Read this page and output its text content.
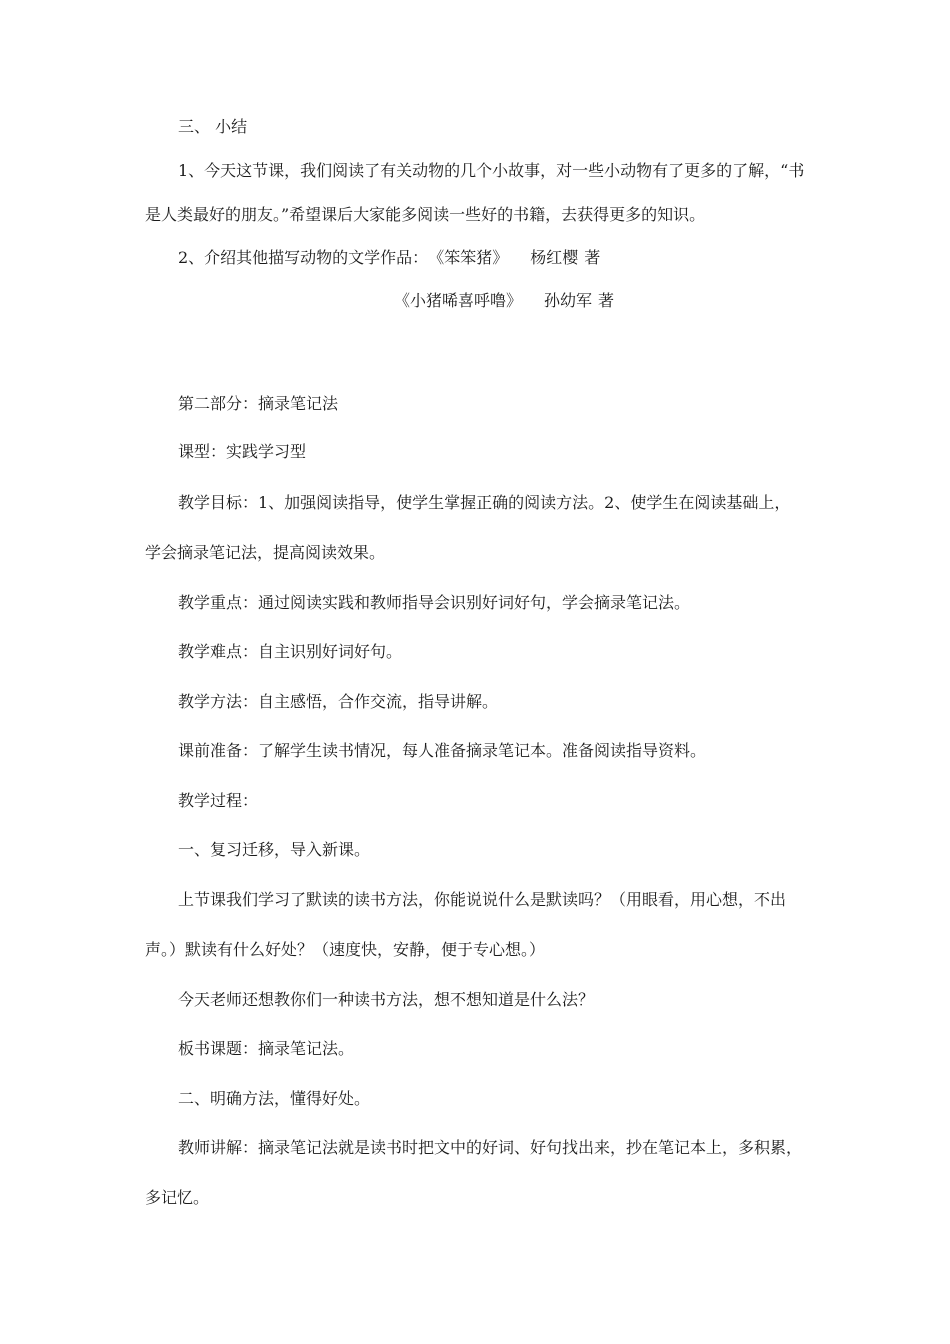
三、 小结
1、今天这节课，我们阅读了有关动物的几个小故事，对一些小动物有了更多的了解，“书
是人类最好的朋友。”希望课后大家能多阅读一些好的书籍，去获得更多的知识。
2、介绍其他描写动物的文学作品： 《笨笨猪》 杨红樱 著
《小猪唏喜呼噜》 孙幼军 著
第二部分：摘录笔记法
课型：实践学习型
教学目标：1、加强阅读指导，使学生掌握正确的阅读方法。2、使学生在阅读基础上，
学会摘录笔记法，提高阅读效果。
教学重点：通过阅读实践和教师指导会识别好词好句，学会摘录笔记法。
教学难点：自主识别好词好句。
教学方法：自主感悟，合作交流，指导讲解。
课前准备：了解学生读书情况，每人准备摘录笔记本。准备阅读指导资料。
教学过程：
一、复习迁移，导入新课。
上节课我们学习了默读的读书方法，你能说说什么是默读吗？（用眼看，用心想，不出
声。）默读有什么好处？（速度快，安静，便于专心想。）
今天老师还想教你们一种读书方法，想不想知道是什么法？
板书课题：摘录笔记法。
二、明确方法，懂得好处。
教师讲解：摘录笔记法就是读书时把文中的好词、好句找出来，抄在笔记本上，多积累，
多记忆。
